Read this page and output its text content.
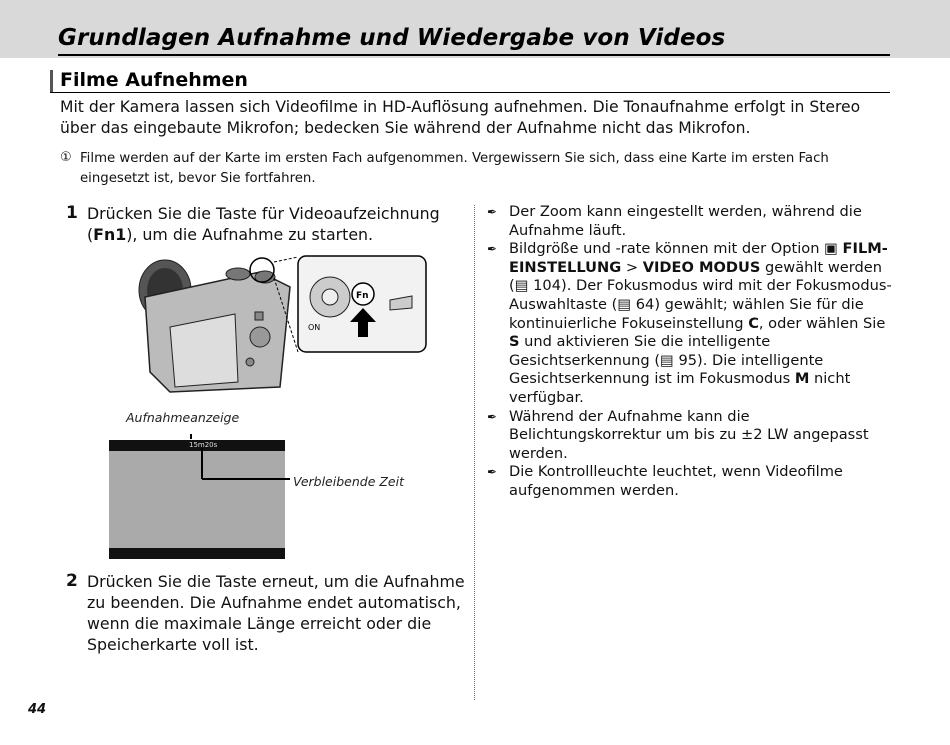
Grundlagen Aufnahme und Wiedergabe von Videos
Filme Aufnehmen
Mit der Kamera lassen sich Videofilme in HD-Auflösung aufnehmen. Die Tonaufnahme erfolgt in Stereo über das eingebaute Mikrofon; bedecken Sie während der Aufnahme nicht das Mikrofon.
① Filme werden auf der Karte im ersten Fach aufgenommen. Vergewissern Sie sich, dass eine Karte im ersten Fach eingesetzt ist, bevor Sie fortfahren.
1 Drücken Sie die Taste für Videoaufzeichnung (Fn1), um die Aufnahme zu starten.
Fn
ON
Aufnahmeanzeige
15m20s
Verbleibende Zeit
2 Drücken Sie die Taste erneut, um die Aufnahme zu beenden. Die Aufnahme endet automatisch, wenn die maximale Länge erreicht oder die Speicherkarte voll ist.
✒ Der Zoom kann eingestellt werden, während die Aufnahme läuft.
✒ Bildgröße und -rate können mit der Option ▣ FILM-EINSTELLUNG > VIDEO MODUS gewählt werden (▤ 104). Der Fokusmodus wird mit der Fokusmodus-Auswahltaste (▤ 64) gewählt; wählen Sie für die kontinuierliche Fokuseinstellung C, oder wählen Sie S und aktivieren Sie die intelligente Gesichtserkennung (▤ 95). Die intelligente Gesichtserkennung ist im Fokusmodus M nicht verfügbar.
✒ Während der Aufnahme kann die Belichtungskorrektur um bis zu ±2 LW angepasst werden.
✒ Die Kontrollleuchte leuchtet, wenn Videofilme aufgenommen werden.
44
